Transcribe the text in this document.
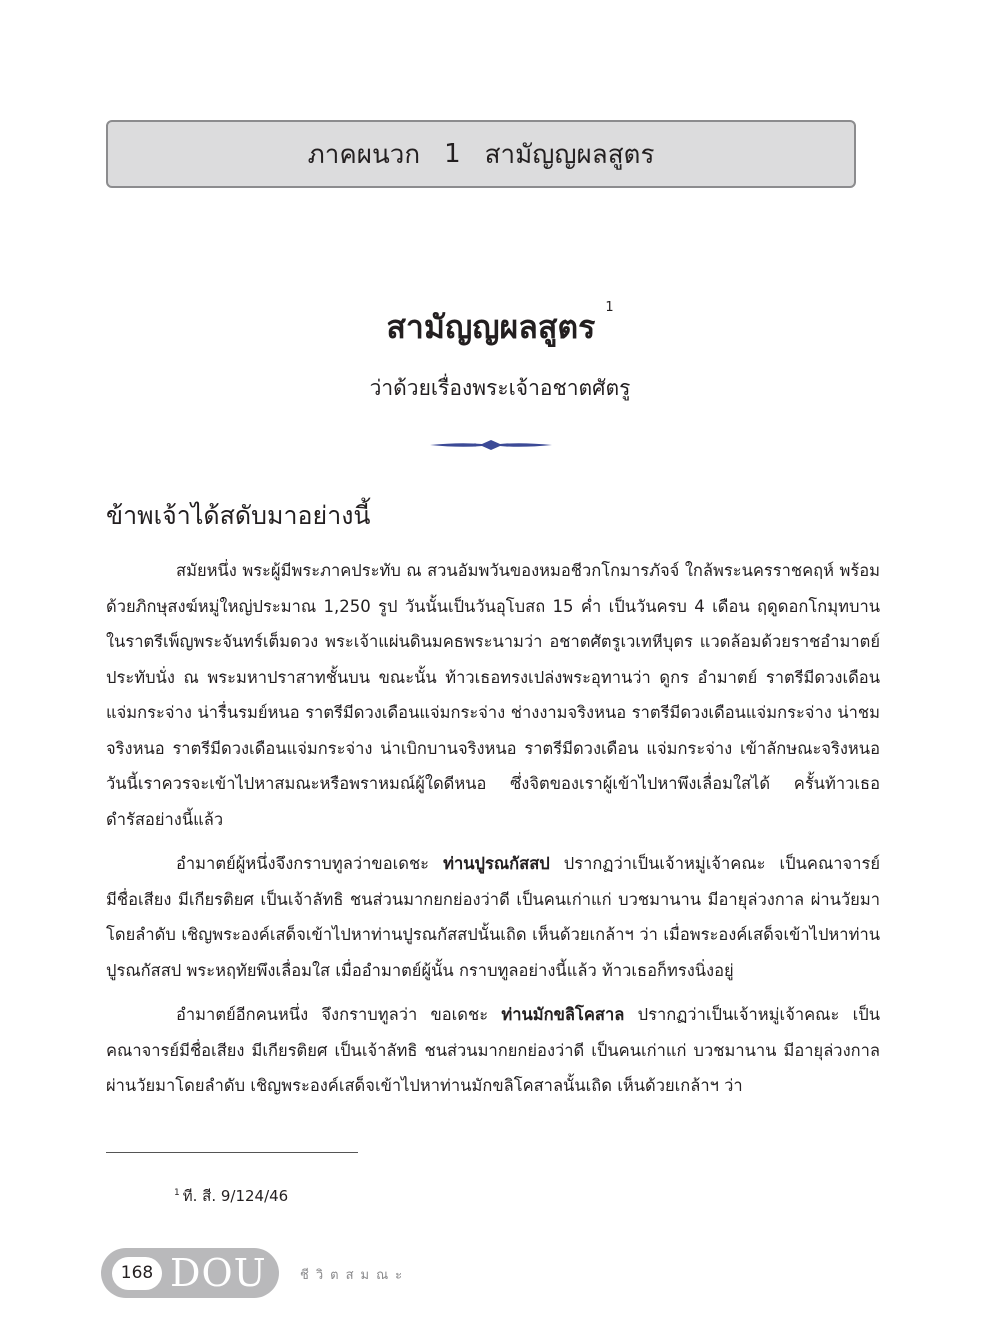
ภาคผนวก 1 สามัญญผลสูตร
สามัญญผลสูตร$^1$
ว่าด้วยเรื่องพระเจ้าอชาตศัตรู
ข้าพเจ้าได้สดับมาอย่างนี้

สมัยหนึ่ง พระผู้มีพระภาคประทับ ณ สวนอัมพวันของหมอชีวกโกมารภัจจ์ ใกล้พระนครราชคฤห์ พร้อมด้วยภิกษุสงฆ์หมู่ใหญ่ประมาณ 1,250 รูป วันนั้นเป็นวันอุโบสถ 15 ค่ำ เป็นวันครบ 4 เดือน ฤดูดอกโกมุทบาน ในราตรีเพ็ญพระจันทร์เต็มดวง พระเจ้าแผ่นดินมคธพระนามว่า อชาตศัตรูเวเทหีบุตร แวดล้อมด้วยราชอำมาตย์ประทับนั่ง ณ พระมหาปราสาทชั้นบน ขณะนั้น ท้าวเธอทรงเปล่งพระอุทานว่า ดูกร อำมาตย์ ราตรีมีดวงเดือนแจ่มกระจ่าง น่ารื่นรมย์หนอ ราตรีมีดวงเดือนแจ่มกระจ่าง ช่างงามจริงหนอ ราตรีมีดวงเดือนแจ่มกระจ่าง น่าชมจริงหนอ ราตรีมีดวงเดือนแจ่มกระจ่าง น่าเบิกบานจริงหนอ ราตรีมีดวงเดือน แจ่มกระจ่าง เข้าลักษณะจริงหนอ วันนี้เราควรจะเข้าไปหาสมณะหรือพราหมณ์ผู้ใดดีหนอ ซึ่งจิตของเราผู้เข้าไปหาพึงเลื่อมใสได้ ครั้นท้าวเธอดำรัสอย่างนี้แล้ว

อำมาตย์ผู้หนึ่งจึงกราบทูลว่าขอเดชะ ท่านปูรณกัสสป ปรากฏว่าเป็นเจ้าหมู่เจ้าคณะ เป็นคณาจารย์มีชื่อเสียง มีเกียรติยศ เป็นเจ้าลัทธิ ชนส่วนมากยกย่องว่าดี เป็นคนเก่าแก่ บวชมานาน มีอายุล่วงกาล ผ่านวัยมาโดยลำดับ เชิญพระองค์เสด็จเข้าไปหาท่านปูรณกัสสปนั้นเถิด เห็นด้วยเกล้าฯ ว่า เมื่อพระองค์เสด็จเข้าไปหาท่านปูรณกัสสป พระหฤทัยพึงเลื่อมใส เมื่ออำมาตย์ผู้นั้น กราบทูลอย่างนี้แล้ว ท้าวเธอก็ทรงนิ่งอยู่

อำมาตย์อีกคนหนึ่ง จึงกราบทูลว่า ขอเดชะ ท่านมักขลิโคสาล ปรากฏว่าเป็นเจ้าหมู่เจ้าคณะ เป็นคณาจารย์มีชื่อเสียง มีเกียรติยศ เป็นเจ้าลัทธิ ชนส่วนมากยกย่องว่าดี เป็นคนเก่าแก่ บวชมานาน มีอายุล่วงกาล ผ่านวัยมาโดยลำดับ เชิญพระองค์เสด็จเข้าไปหาท่านมักขลิโคสาลนั้นเถิด เห็นด้วยเกล้าฯ ว่า

$^1$ ที. สี. 9/124/46
168 DOU	ชีวิตสมณะ
